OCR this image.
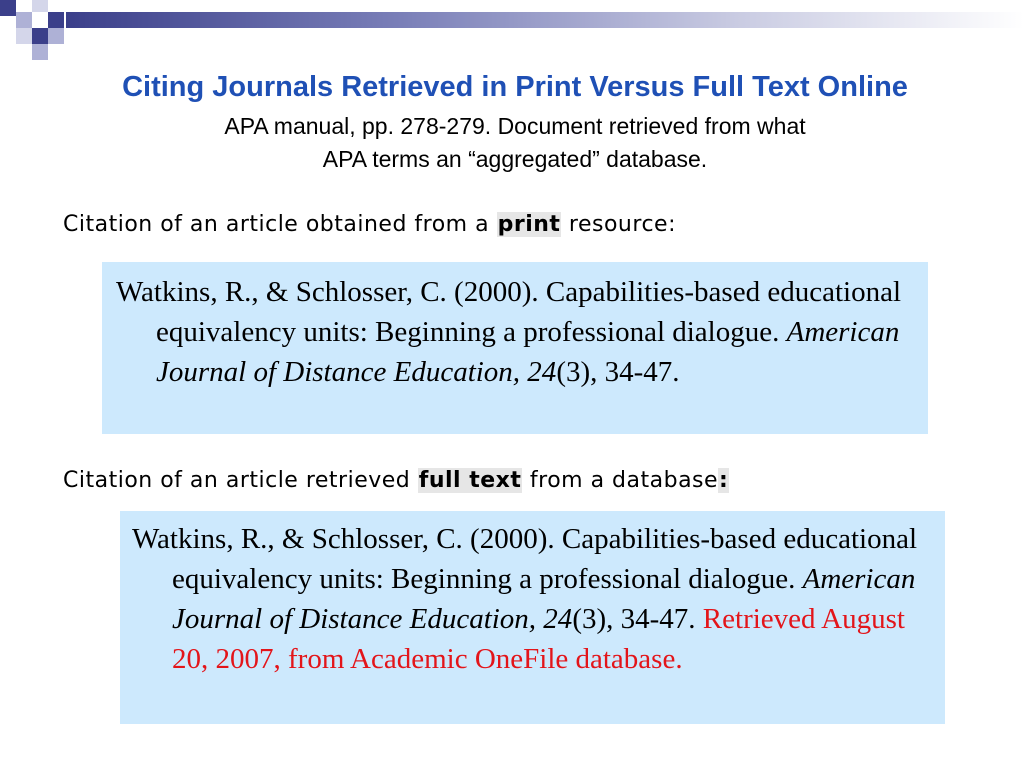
Citing Journals Retrieved in Print Versus Full Text Online
APA manual, pp. 278-279. Document retrieved from what
APA terms an “aggregated” database.
Citation of an article obtained from a print resource:

Watkins, R., & Schlosser, C. (2000). Capabilities-based educational equivalency units: Beginning a professional dialogue. American Journal of Distance Education, 24(3), 34-47.

Citation of an article retrieved full text from a database:

Watkins, R., & Schlosser, C. (2000). Capabilities-based educational equivalency units: Beginning a professional dialogue. American Journal of Distance Education, 24(3), 34-47. Retrieved August 20, 2007, from Academic OneFile database.
